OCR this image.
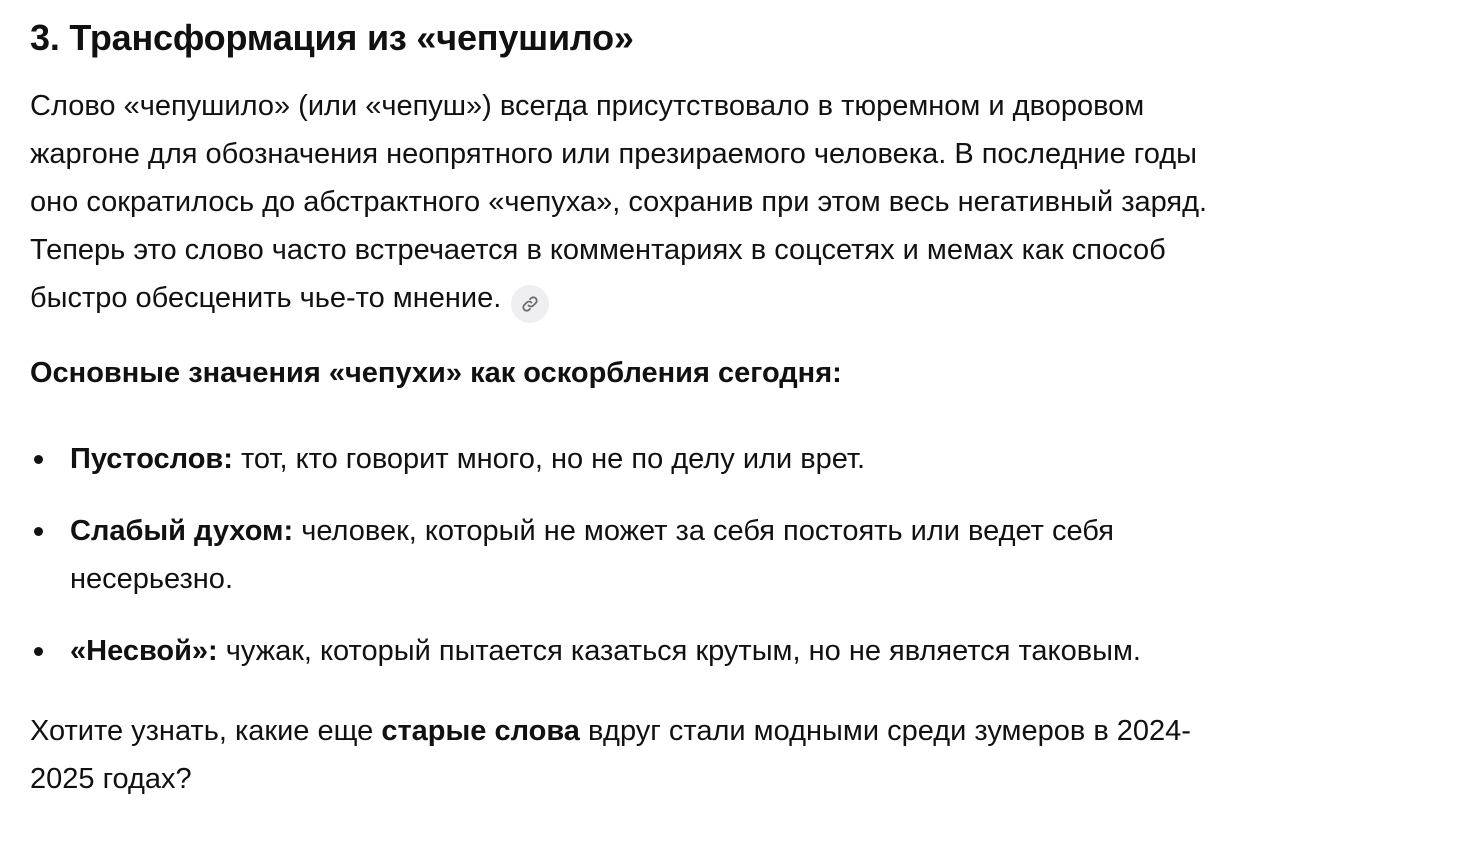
3. Трансформация из «чепушило»

Слово «чепушило» (или «чепуш») всегда присутствовало в тюремном и дворовом
жаргоне для обозначения неопрятного или презираемого человека. В последние годы
оно сократилось до абстрактного «чепуха», сохранив при этом весь негативный заряд.
Теперь это слово часто встречается в комментариях в соцсетях и мемах как способ
быстро обесценить чье-то мнение.

Основные значения «чепухи» как оскорбления сегодня:

Пустослов: тот, кто говорит много, но не по делу или врет.
Слабый духом: человек, который не может за себя постоять или ведет себя
несерьезно.
«Несвой»: чужак, который пытается казаться крутым, но не является таковым.

Хотите узнать, какие еще старые слова вдруг стали модными среди зумеров в 2024-
2025 годах?
